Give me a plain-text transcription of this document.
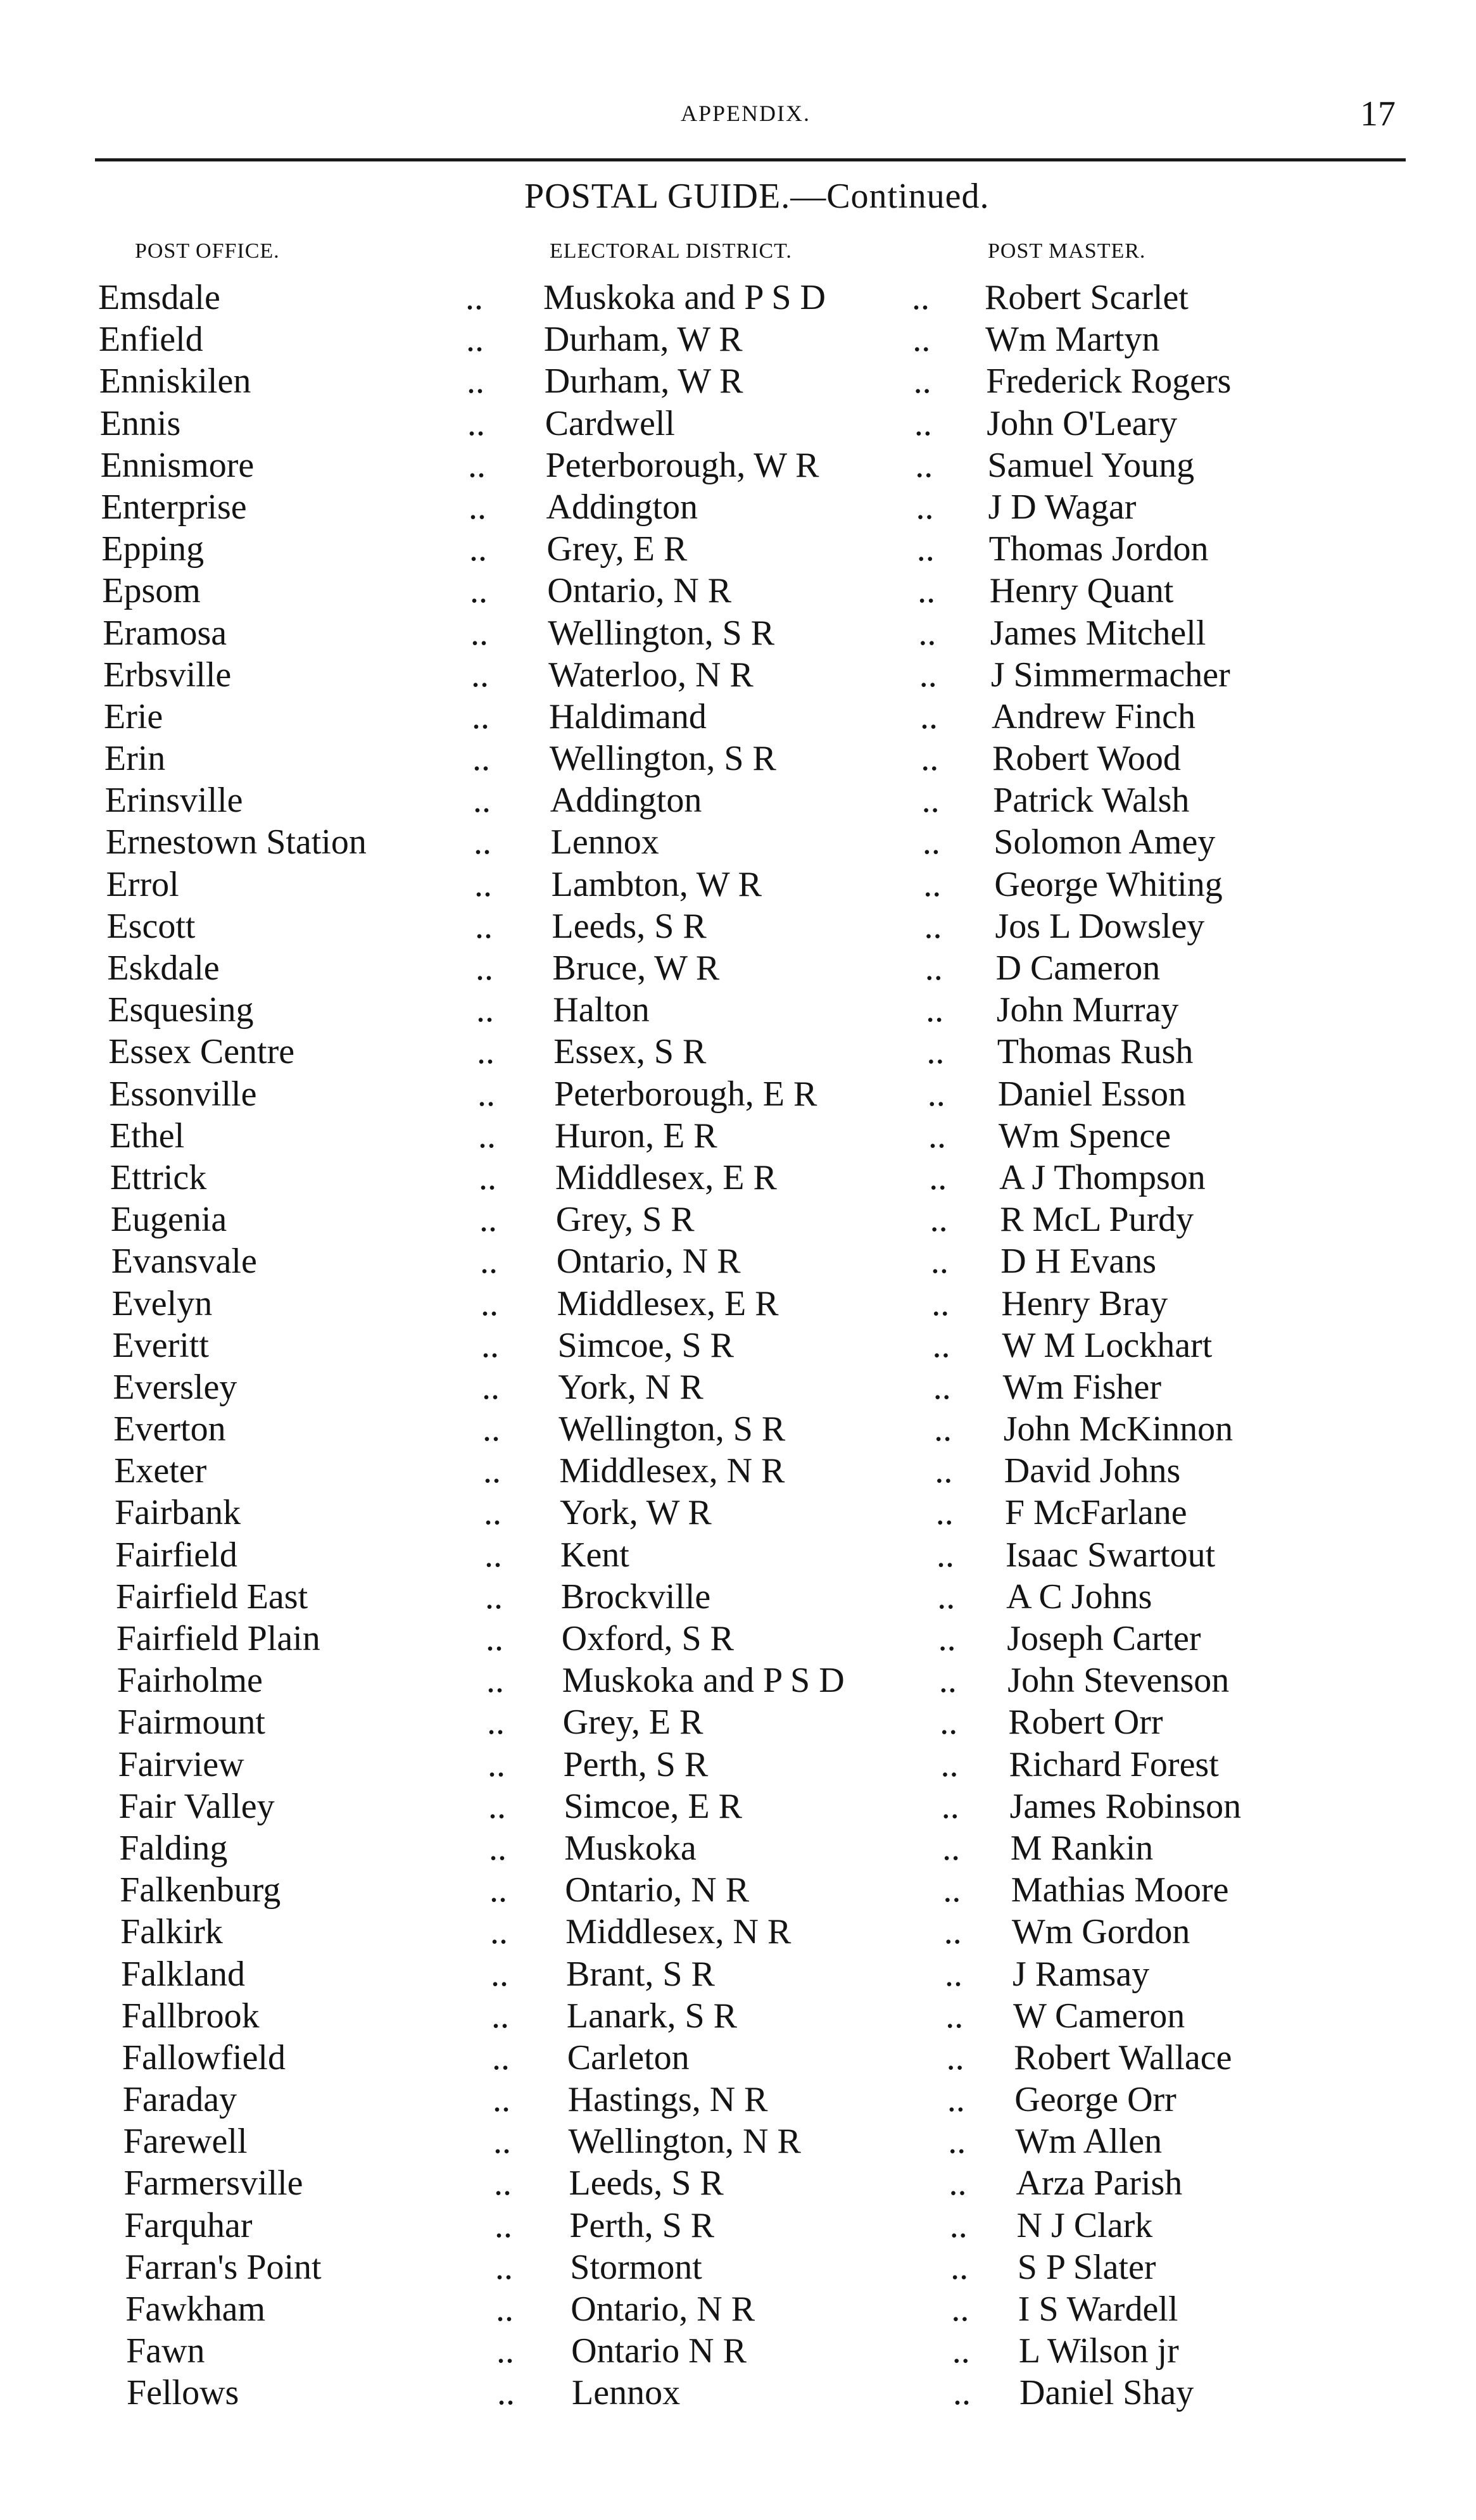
APPENDIX.	17
POSTAL GUIDE.—Continued.
POST OFFICE.	ELECTORAL DISTRICT.	POST MASTER.
Emsdale	.. Muskoka and P S D .. Robert Scarlet
Enfield	.. Durham, W R	.. Wm Martyn
Enniskilen	.. Durham, W R	.. Frederick Rogers
Ennis	.. Cardwell	.. John O'Leary
Ennismore	.. Peterborough, W R	.. Samuel Young
Enterprise	.. Addington	.. J D Wagar
Epping	.. Grey, E R	.. Thomas Jordon
Epsom	.. Ontario, N R	.. Henry Quant
Eramosa	.. Wellington, S R	.. James Mitchell
Erbsville	.. Waterloo, N R	.. J Simmermacher
Erie	.. Haldimand	.. Andrew Finch
Erin	.. Wellington, S R	.. Robert Wood
Erinsville	.. Addington	.. Patrick Walsh
Ernestown Station	.. Lennox	.. Solomon Amey
Errol	.. Lambton, W R	.. George Whiting
Escott	.. Leeds, S R	.. Jos L Dowsley
Eskdale	.. Bruce, W R	.. D Cameron
Esquesing	.. Halton	.. John Murray
Essex Centre	.. Essex, S R	.. Thomas Rush
Essonville	.. Peterborough, E R	.. Daniel Esson
Ethel	.. Huron, E R	.. Wm Spence
Ettrick	.. Middlesex, E R	.. A J Thompson
Eugenia	.. Grey, S R	.. R McL Purdy
Evansvale	.. Ontario, N R	.. D H Evans
Evelyn	.. Middlesex, E R	.. Henry Bray
Everitt	.. Simcoe, S R	.. W M Lockhart
Eversley	.. York, N R	.. Wm Fisher
Everton	.. Wellington, S R	.. John McKinnon
Exeter	.. Middlesex, N R	.. David Johns
Fairbank	.. York, W R	.. F McFarlane
Fairfield	.. Kent	.. Isaac Swartout
Fairfield East	.. Brockville	.. A C Johns
Fairfield Plain	.. Oxford, S R	.. Joseph Carter
Fairholme	.. Muskoka and P S D	.. John Stevenson
Fairmount	.. Grey, E R	.. Robert Orr
Fairview	.. Perth, S R	.. Richard Forest
Fair Valley	.. Simcoe, E R	.. James Robinson
Falding	.. Muskoka	.. M Rankin
Falkenburg	.. Ontario, N R	.. Mathias Moore
Falkirk	.. Middlesex, N R	.. Wm Gordon
Falkland	.. Brant, S R	.. J Ramsay
Fallbrook	.. Lanark, S R	.. W Cameron
Fallowfield	.. Carleton	.. Robert Wallace
Faraday	.. Hastings, N R	.. George Orr
Farewell	.. Wellington, N R	.. Wm Allen
Farmersville	.. Leeds, S R	.. Arza Parish
Farquhar	.. Perth, S R	.. N J Clark
Farran's Point	.. Stormont	.. S P Slater
Fawkham	.. Ontario, N R	.. I S Wardell
Fawn	.. Ontario N R	.. L Wilson jr
Fellows	.. Lennox	.. Daniel Shay
